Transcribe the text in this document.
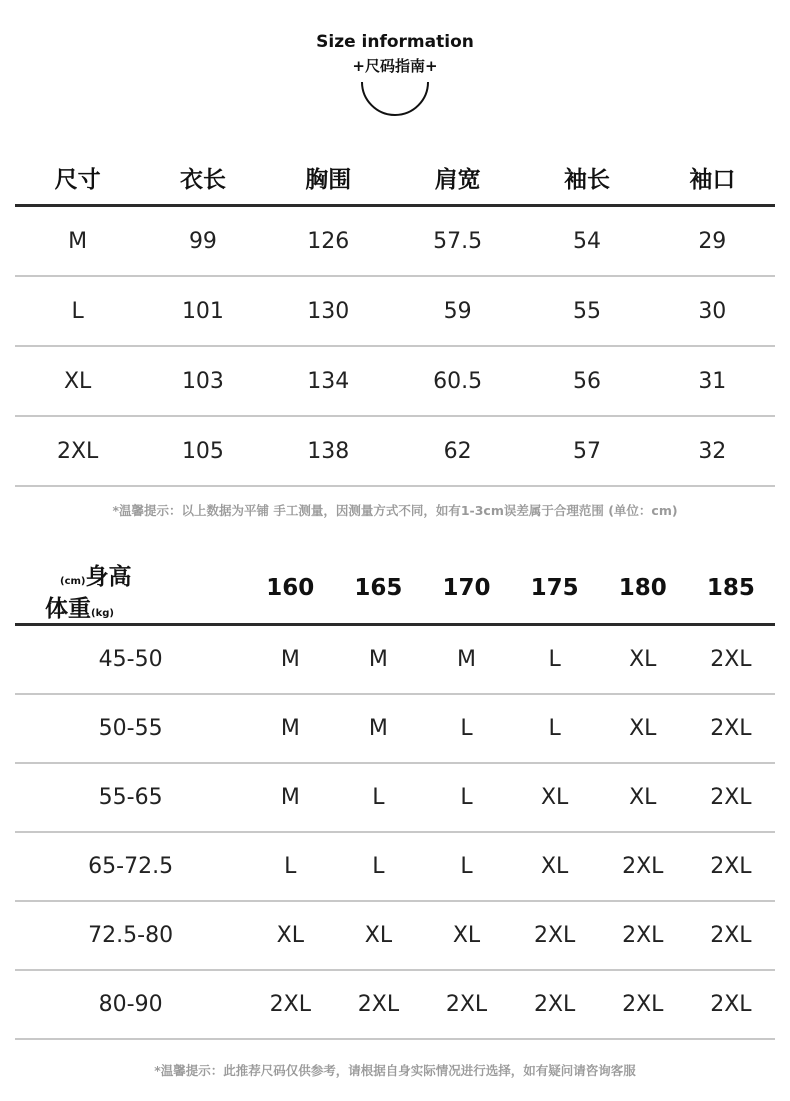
Size information
+尺码指南+
尺寸	衣长	胸围	肩宽	袖长	袖口
M	99	126	57.5	54	29
L	101	130	59	55	30
XL	103	134	60.5	56	31
2XL	105	138	62	57	32
*温馨提示：以上数据为平铺 手工测量，因测量方式不同，如有1-3cm误差属于合理范围 (单位：cm)
(cm)身高
体重(kg)	160	165	170	175	180	185
45-50	M	M	M	L	XL	2XL
50-55	M	M	L	L	XL	2XL
55-65	M	L	L	XL	XL	2XL
65-72.5	L	L	L	XL	2XL	2XL
72.5-80	XL	XL	XL	2XL	2XL	2XL
80-90	2XL	2XL	2XL	2XL	2XL	2XL
*温馨提示：此推荐尺码仅供参考，请根据自身实际情况进行选择，如有疑问请咨询客服
